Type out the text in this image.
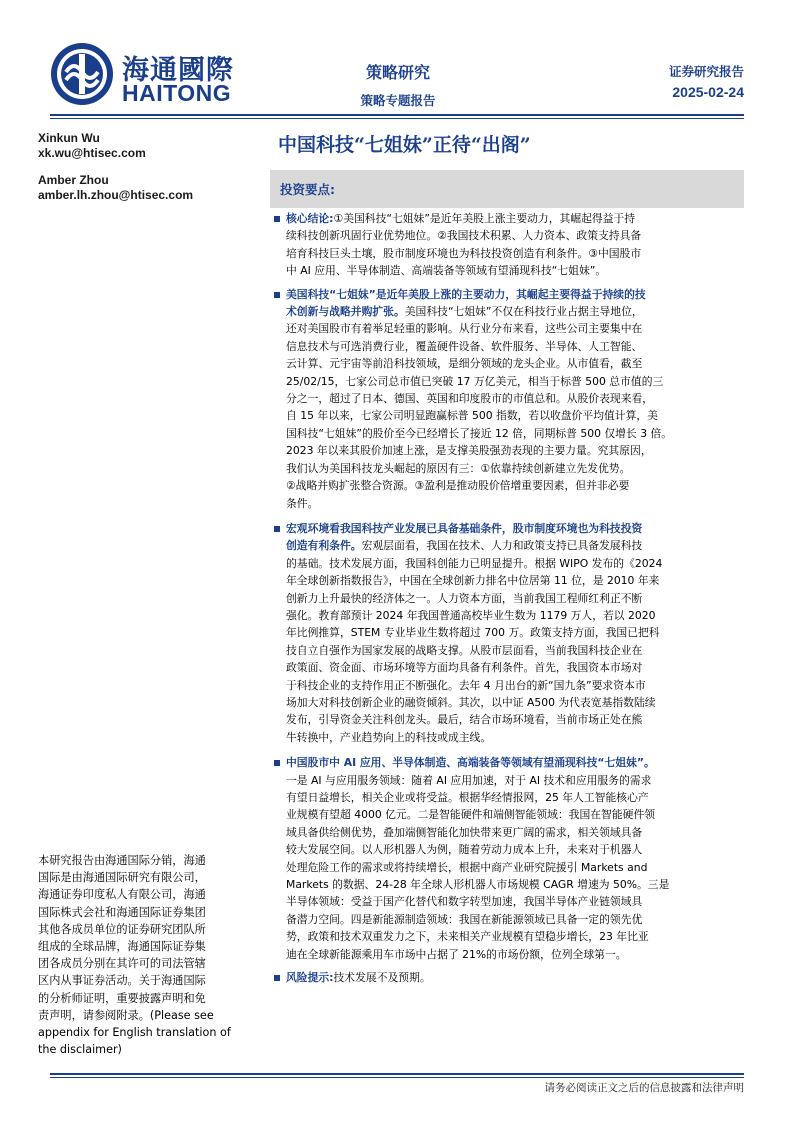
海通國際
HAITONG
策略研究
策略专题报告
证券研究报告
2025-02-24
Xinkun Wu
xk.wu@htisec.com
Amber Zhou
amber.lh.zhou@htisec.com
中国科技“七姐妹”正待“出阁”
投资要点:
核心结论:①美国科技“七姐妹”是近年美股上涨主要动力，其崛起得益于持
续科技创新巩固行业优势地位。②我国技术积累、人力资本、政策支持具备
培育科技巨头土壤，股市制度环境也为科技投资创造有利条件。③中国股市
中 AI 应用、半导体制造、高端装备等领域有望涌现科技“七姐妹”。
美国科技“七姐妹”是近年美股上涨的主要动力，其崛起主要得益于持续的技
术创新与战略并购扩张。美国科技“七姐妹”不仅在科技行业占据主导地位，
还对美国股市有着举足轻重的影响。从行业分布来看，这些公司主要集中在
信息技术与可选消费行业，覆盖硬件设备、软件服务、半导体、人工智能、
云计算、元宇宙等前沿科技领域，是细分领域的龙头企业。从市值看，截至
25/02/15，七家公司总市值已突破 17 万亿美元，相当于标普 500 总市值的三
分之一，超过了日本、德国、英国和印度股市的市值总和。从股价表现来看，
自 15 年以来，七家公司明显跑赢标普 500 指数，若以收盘价平均值计算，美
国科技“七姐妹”的股价至今已经增长了接近 12 倍，同期标普 500 仅增长 3 倍。
2023 年以来其股价加速上涨，是支撑美股强劲表现的主要力量。究其原因，
我们认为美国科技龙头崛起的原因有三：①依靠持续创新建立先发优势。
②战略并购扩张整合资源。③盈利是推动股价倍增重要因素，但并非必要
条件。
宏观环境看我国科技产业发展已具备基础条件，股市制度环境也为科技投资
创造有利条件。宏观层面看，我国在技术、人力和政策支持已具备发展科技
的基础。技术发展方面，我国科创能力已明显提升。根据 WIPO 发布的《2024
年全球创新指数报告》，中国在全球创新力排名中位居第 11 位，是 2010 年来
创新力上升最快的经济体之一。人力资本方面，当前我国工程师红利正不断
强化。教育部预计 2024 年我国普通高校毕业生数为 1179 万人，若以 2020
年比例推算，STEM 专业毕业生数将超过 700 万。政策支持方面，我国已把科
技自立自强作为国家发展的战略支撑。从股市层面看，当前我国科技企业在
政策面、资金面、市场环境等方面均具备有利条件。首先，我国资本市场对
于科技企业的支持作用正不断强化。去年 4 月出台的新“国九条”要求资本市
场加大对科技创新企业的融资倾斜。其次，以中证 A500 为代表宽基指数陆续
发布，引导资金关注科创龙头。最后，结合市场环境看，当前市场正处在熊
牛转换中，产业趋势向上的科技或成主线。
中国股市中 AI 应用、半导体制造、高端装备等领域有望涌现科技“七姐妹”。
一是 AI 与应用服务领域：随着 AI 应用加速，对于 AI 技术和应用服务的需求
有望日益增长，相关企业或将受益。根据华经情报网，25 年人工智能核心产
业规模有望超 4000 亿元。二是智能硬件和端侧智能领域：我国在智能硬件领
域具备供给侧优势，叠加端侧智能化加快带来更广阔的需求，相关领域具备
较大发展空间。以人形机器人为例，随着劳动力成本上升，未来对于机器人
处理危险工作的需求或将持续增长，根据中商产业研究院援引 Markets and
Markets 的数据、24-28 年全球人形机器人市场规模 CAGR 增速为 50%。三是
半导体领域：受益于国产化替代和数字转型加速，我国半导体产业链领域具
备潜力空间。四是新能源制造领域：我国在新能源领域已具备一定的领先优
势，政策和技术双重发力之下，未来相关产业规模有望稳步增长，23 年比亚
迪在全球新能源乘用车市场中占据了 21%的市场份额，位列全球第一。
风险提示:技术发展不及预期。
本研究报告由海通国际分销，海通
国际是由海通国际研究有限公司，
海通证券印度私人有限公司，海通
国际株式会社和海通国际证券集团
其他各成员单位的证券研究团队所
组成的全球品牌，海通国际证券集
团各成员分别在其许可的司法管辖
区内从事证券活动。关于海通国际
的分析师证明，重要披露声明和免
责声明，请参阅附录。(Please see
appendix for English translation of
the disclaimer)
请务必阅读正文之后的信息披露和法律声明
